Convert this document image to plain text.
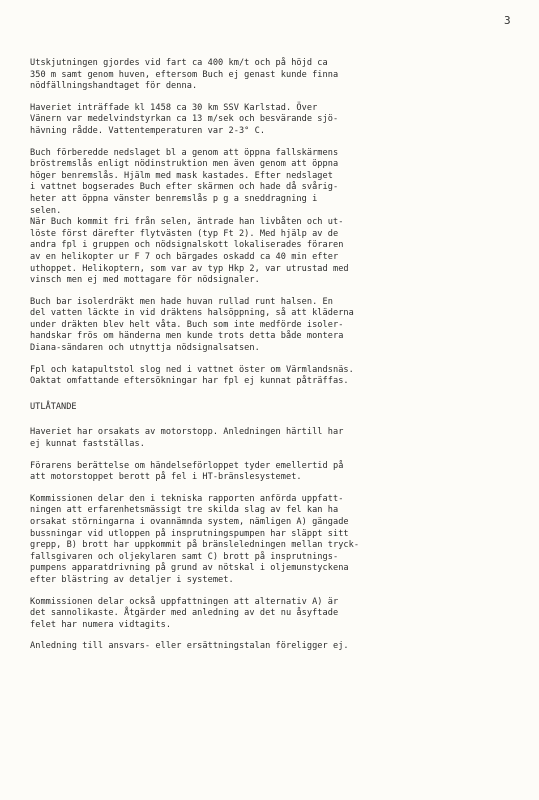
3
Utskjutningen gjordes vid fart ca 400 km/t och på höjd ca
350 m samt genom huven, eftersom Buch ej genast kunde finna
nödfällningshandtaget för denna.
Haveriet inträffade kl 1458 ca 30 km SSV Karlstad. Över
Vänern var medelvindstyrkan ca 13 m/sek och besvärande sjö-
hävning rådde. Vattentemperaturen var 2-3° C.
Buch förberedde nedslaget bl a genom att öppna fallskärmens
bröstremslås enligt nödinstruktion men även genom att öppna
höger benremslås. Hjälm med mask kastades. Efter nedslaget
i vattnet bogserades Buch efter skärmen och hade då svårig-
heter att öppna vänster benremslås p g a sneddragning i
selen.
När Buch kommit fri från selen, äntrade han livbåten och ut-
löste först därefter flytvästen (typ Ft 2). Med hjälp av de
andra fpl i gruppen och nödsignalskott lokaliserades föraren
av en helikopter ur F 7 och bärgades oskadd ca 40 min efter
uthoppet. Helikoptern, som var av typ Hkp 2, var utrustad med
vinsch men ej med mottagare för nödsignaler.
Buch bar isolerdräkt men hade huvan rullad runt halsen. En
del vatten läckte in vid dräktens halsöppning, så att kläderna
under dräkten blev helt våta. Buch som inte medförde isoler-
handskar frös om händerna men kunde trots detta både montera
Diana-sändaren och utnyttja nödsignalsatsen.
Fpl och katapultstol slog ned i vattnet öster om Värmlandsnäs.
Oaktat omfattande eftersökningar har fpl ej kunnat påträffas.
UTLÅTANDE
Haveriet har orsakats av motorstopp. Anledningen härtill har
ej kunnat fastställas.
Förarens berättelse om händelseförloppet tyder emellertid på
att motorstoppet berott på fel i HT-bränslesystemet.
Kommissionen delar den i tekniska rapporten anförda uppfatt-
ningen att erfarenhetsmässigt tre skilda slag av fel kan ha
orsakat störningarna i ovannämnda system, nämligen A) gängade
bussningar vid utloppen på insprutningspumpen har släppt sitt
grepp, B) brott har uppkommit på bränsleledningen mellan tryck-
fallsgivaren och oljekylaren samt C) brott på insprutnings-
pumpens apparatdrivning på grund av nötskal i oljemunstyckena
efter blästring av detaljer i systemet.
Kommissionen delar också uppfattningen att alternativ A) är
det sannolikaste. Åtgärder med anledning av det nu åsyftade
felet har numera vidtagits.
Anledning till ansvars- eller ersättningstalan föreligger ej.
